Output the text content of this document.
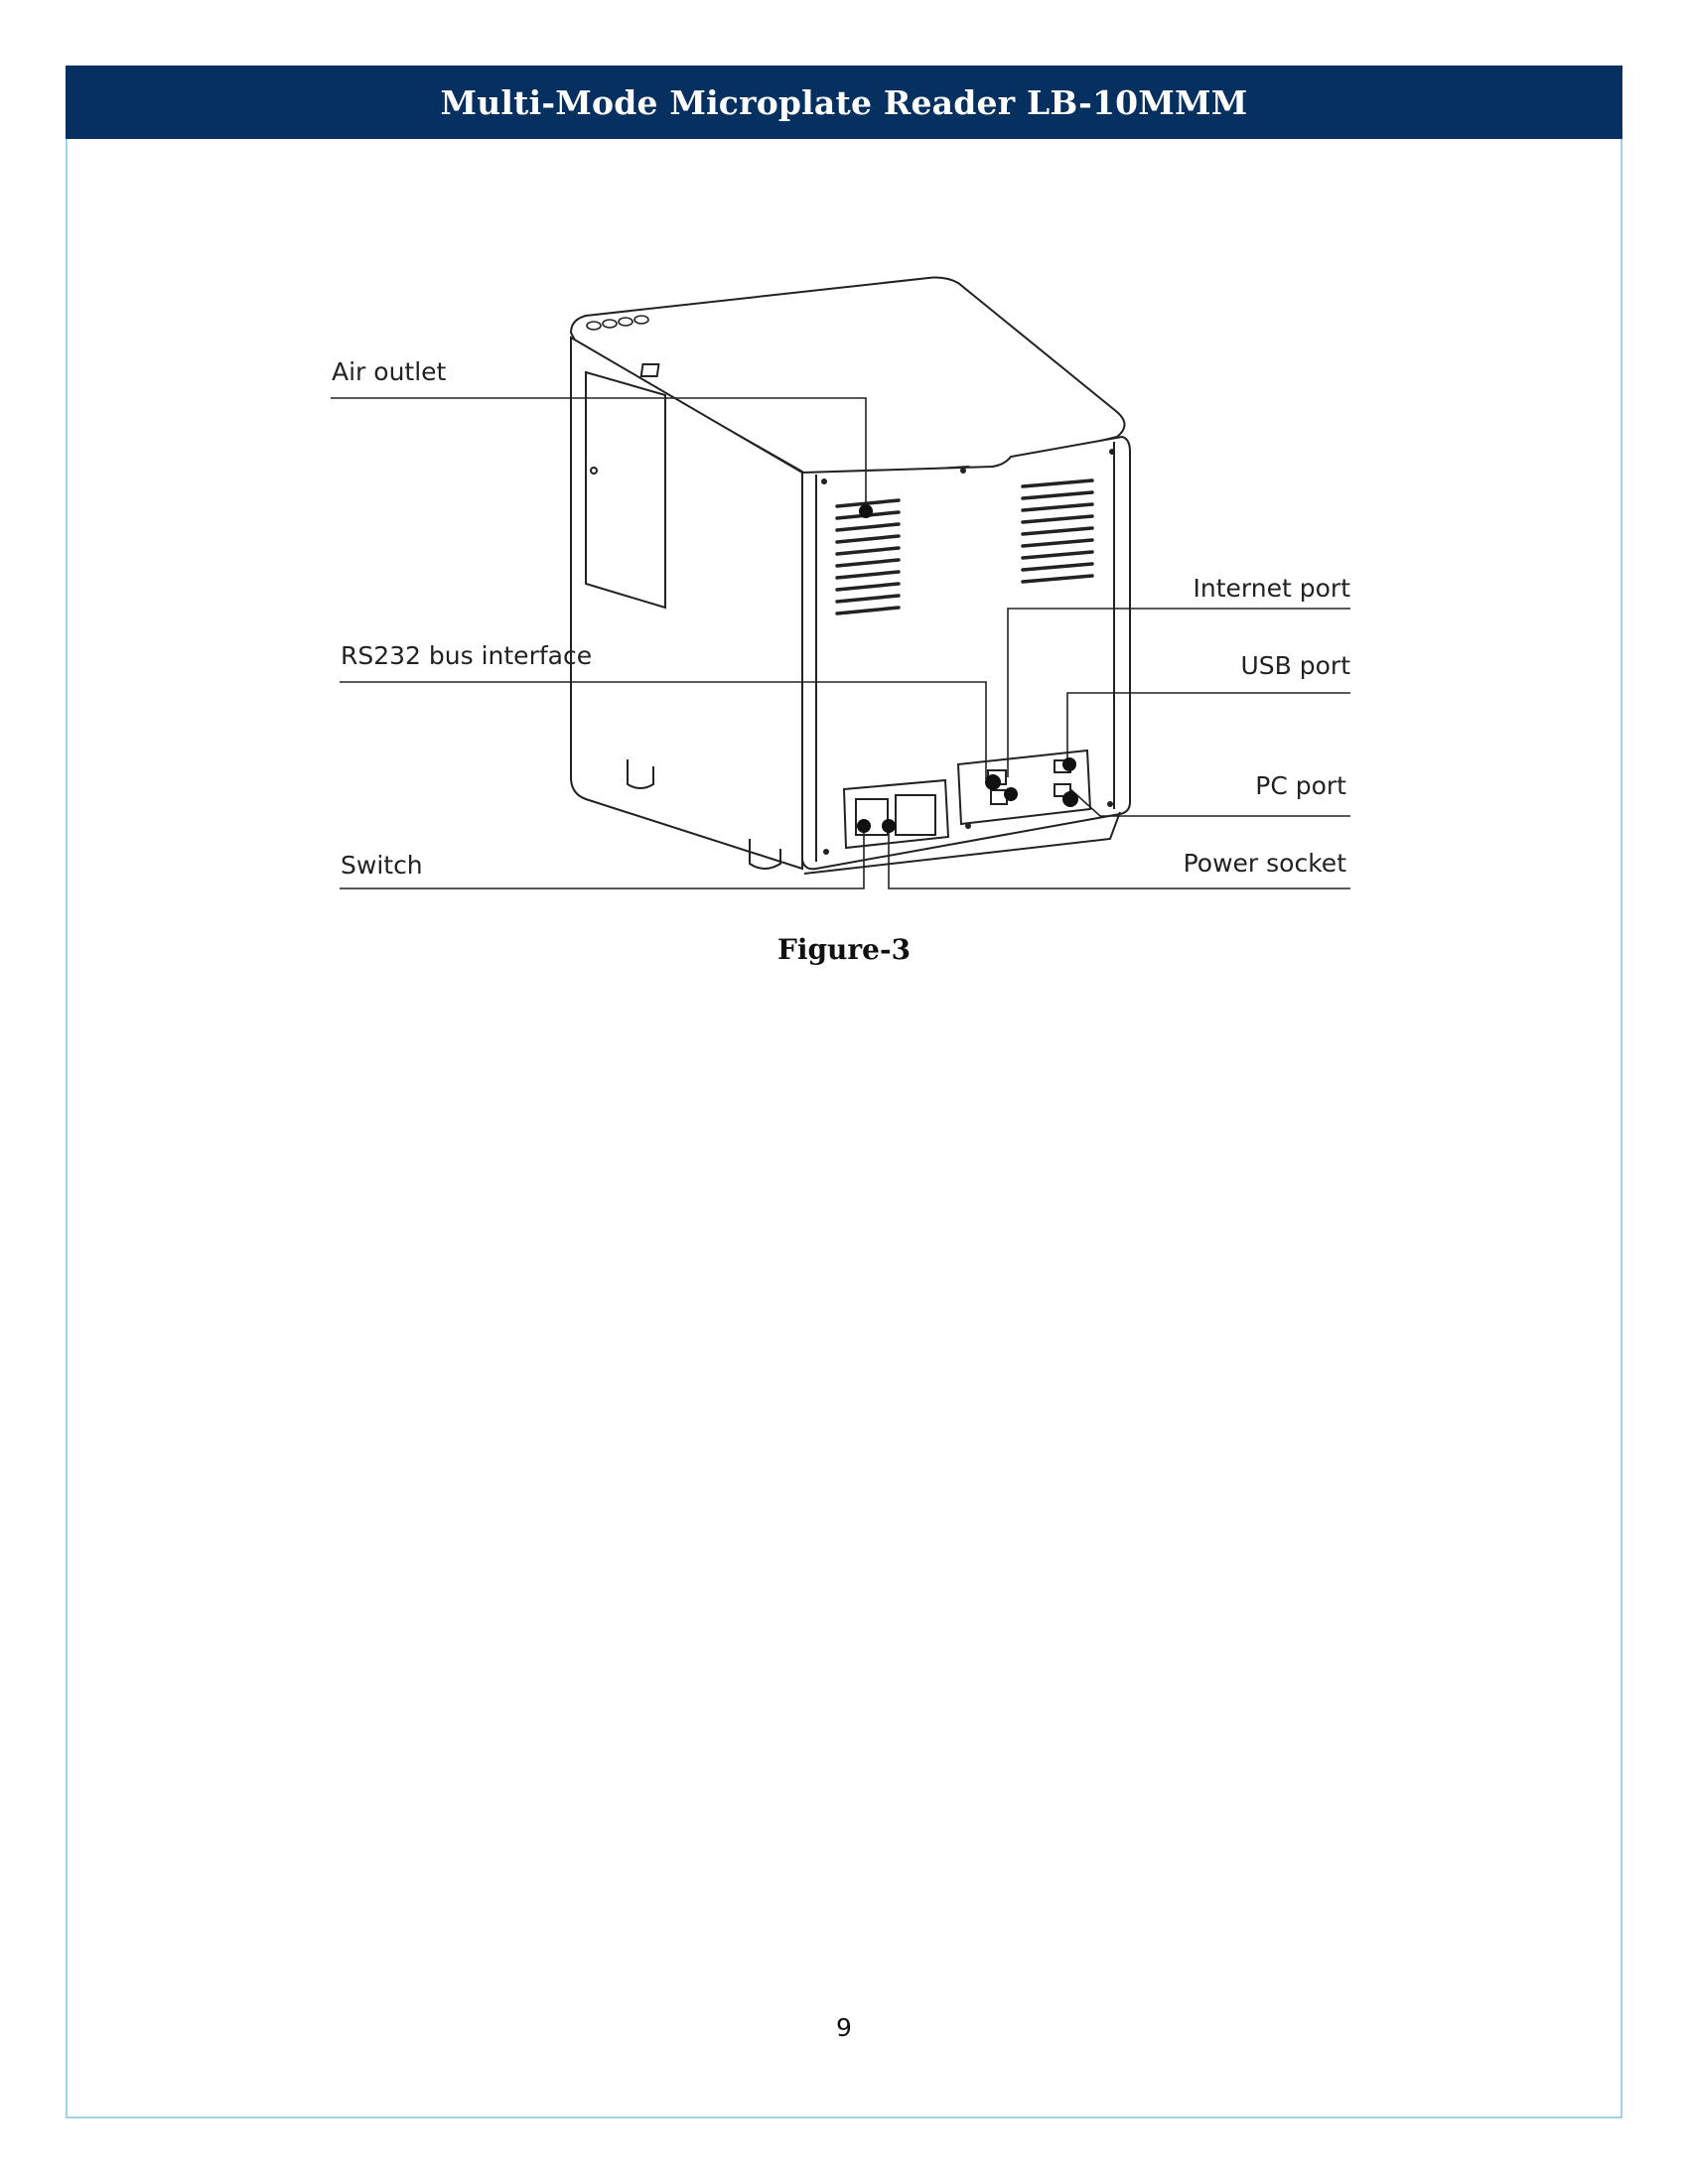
Multi-Mode Microplate Reader LB-10MMM
Air outlet
RS232 bus interface
Switch
Internet port
USB port
PC port
Power socket
Figure-3
9
